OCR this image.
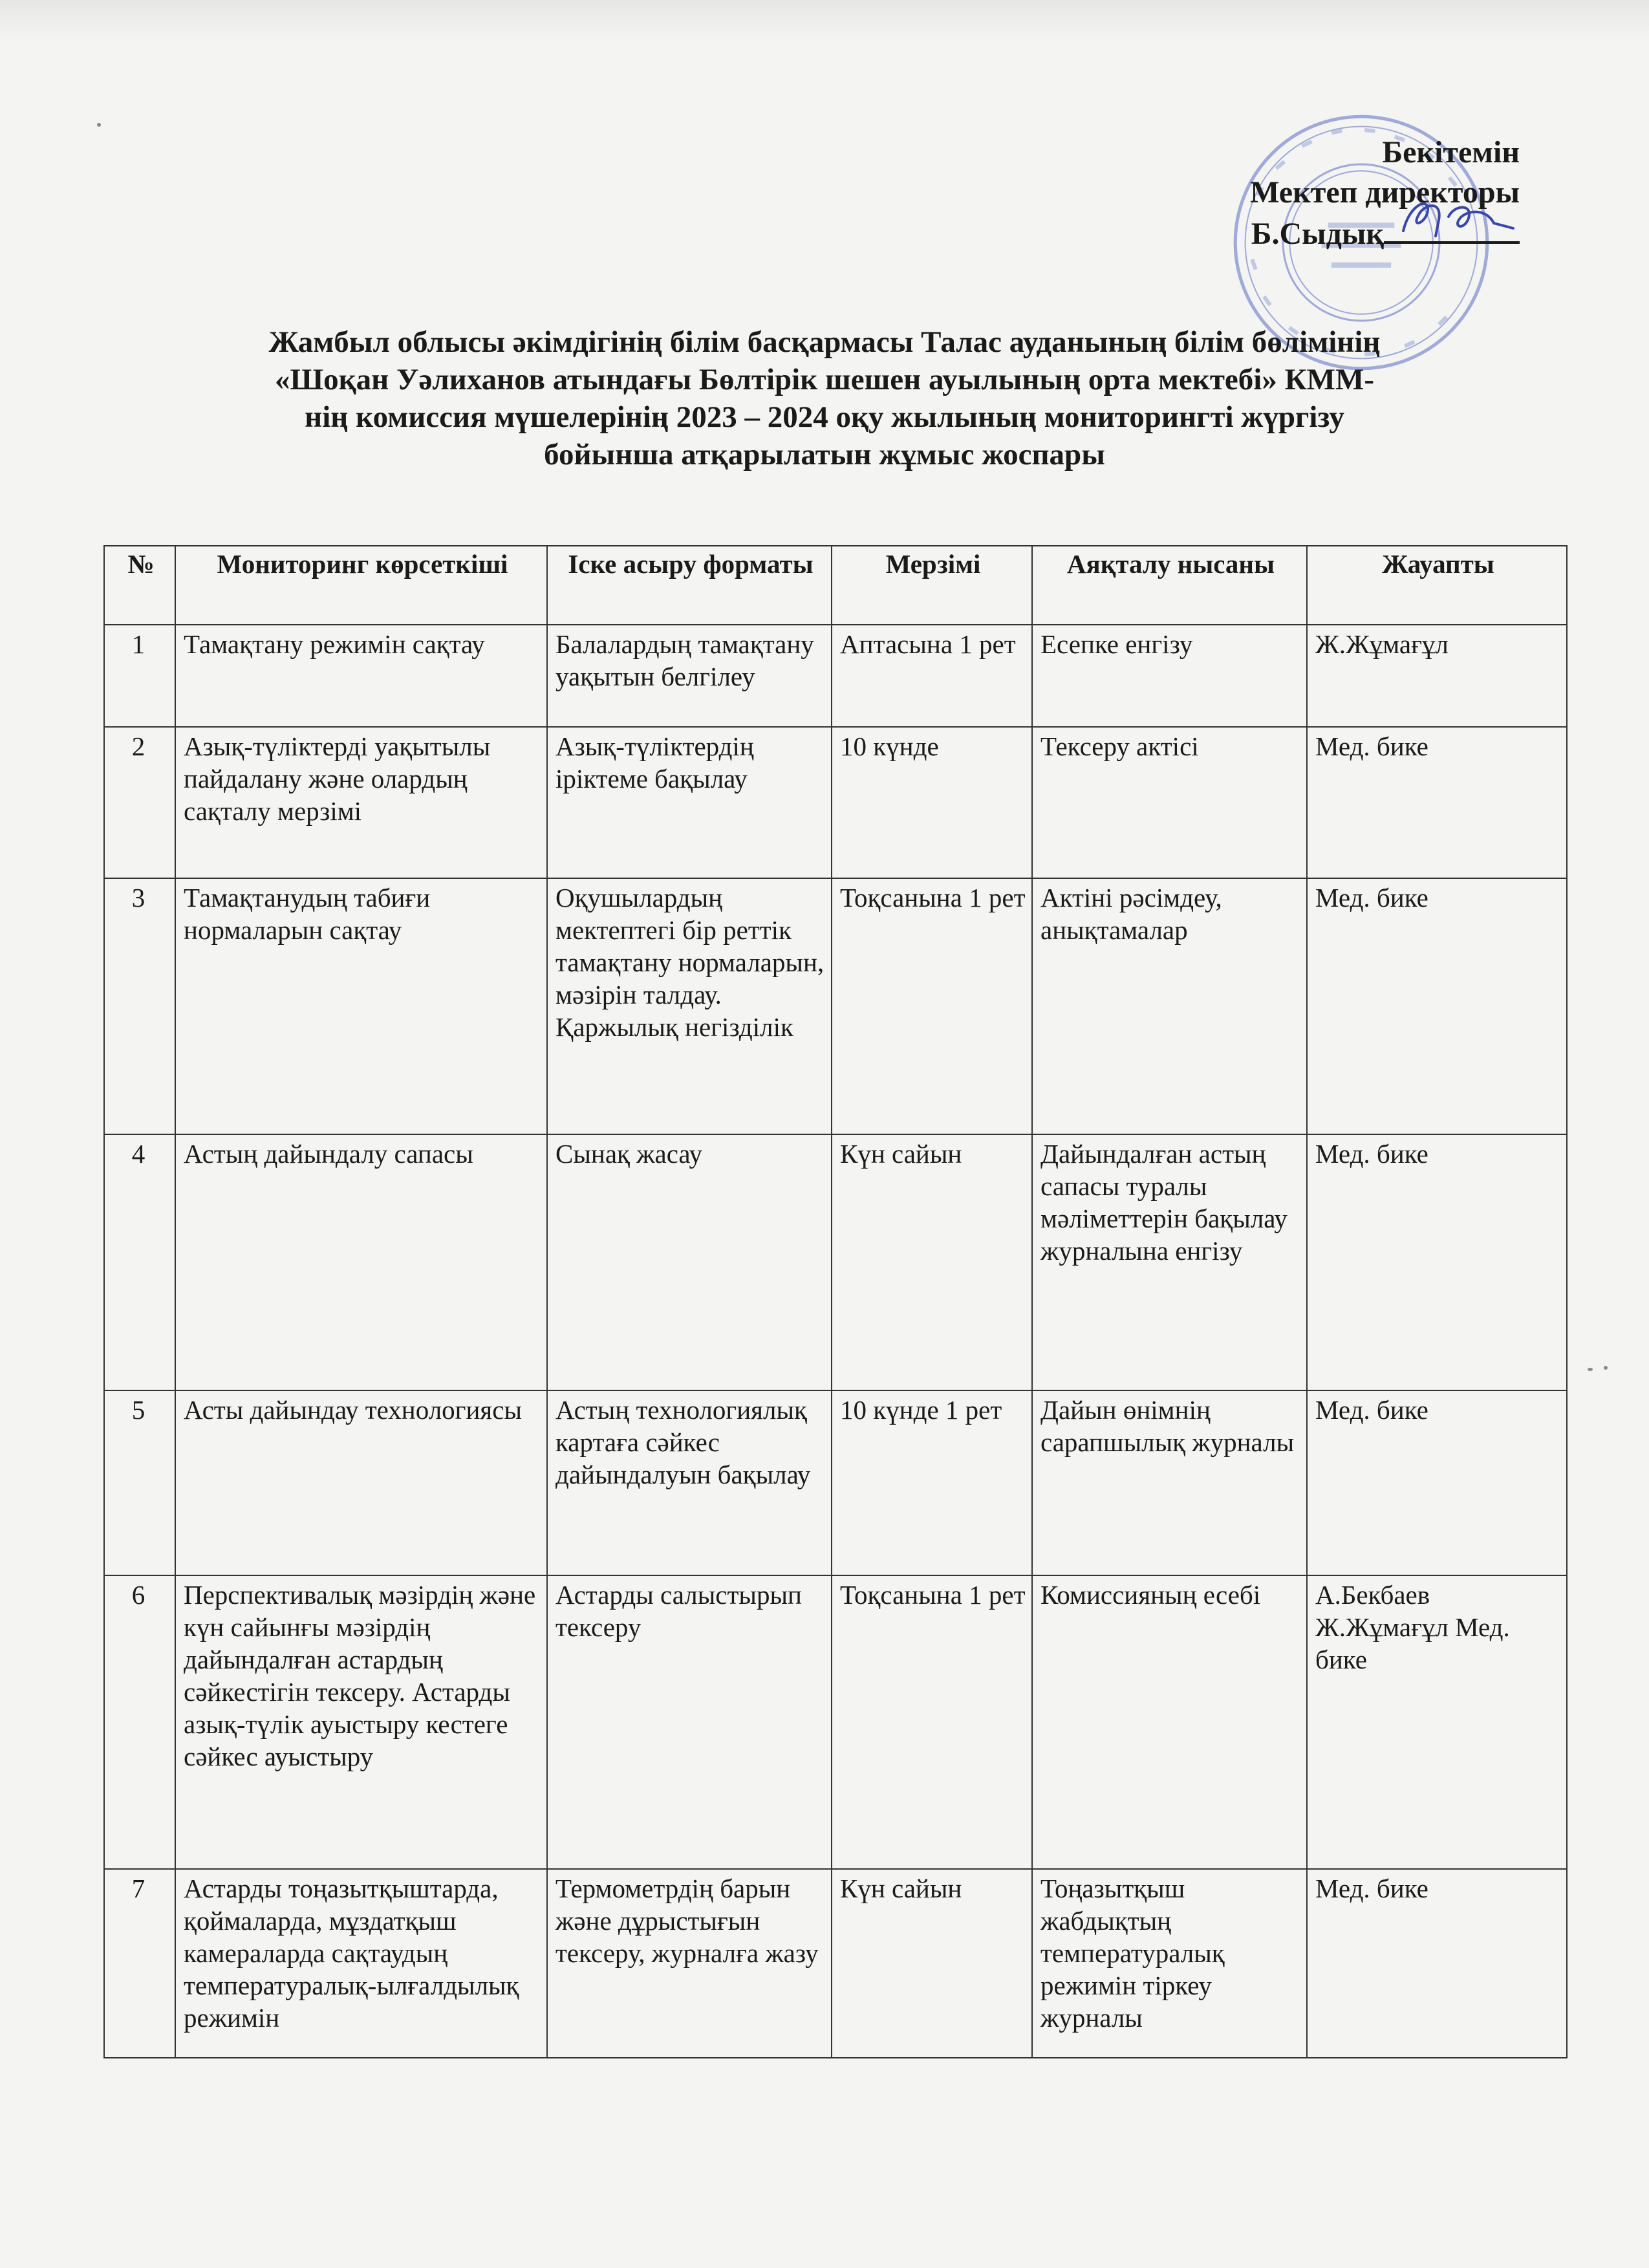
Бекітемін
Мектеп директоры
Б.Сыдық
Жамбыл облысы әкімдігінің білім басқармасы Талас ауданының білім бөлімінің
«Шоқан Уәлиханов атындағы Бөлтірік шешен ауылының орта мектебі» КММ-
нің комиссия мүшелерінің 2023 – 2024 оқу жылының мониторингті жүргізу
бойынша атқарылатын жұмыс жоспары
№	Мониторинг көрсеткіші	Іске асыру форматы	Мерзімі	Аяқталу нысаны	Жауапты
1	Тамақтану режимін сақтау	Балалардың тамақтану уақытын белгілеу	Аптасына 1 рет	Есепке енгізу	Ж.Жұмағұл
2	Азық-түліктерді уақытылы пайдалану және олардың сақталу мерзімі	Азық-түліктердің іріктеме бақылау	10 күнде	Тексеру актісі	Мед. бике
3	Тамақтанудың табиғи нормаларын сақтау	Оқушылардың мектептегі бір реттік тамақтану нормаларын, мәзірін талдау. Қаржылық негізділік	Тоқсанына 1 рет	Актіні рәсімдеу, анықтамалар	Мед. бике
4	Астың дайындалу сапасы	Сынақ жасау	Күн сайын	Дайындалған астың сапасы туралы мәліметтерін бақылау журналына енгізу	Мед. бике
5	Асты дайындау технологиясы	Астың технологиялық картаға сәйкес дайындалуын бақылау	10 күнде 1 рет	Дайын өнімнің сарапшылық журналы	Мед. бике
6	Перспективалық мәзірдің және күн сайынғы мәзірдің дайындалған астардың сәйкестігін тексеру. Астарды азық-түлік ауыстыру кестеге сәйкес ауыстыру	Астарды салыстырып тексеру	Тоқсанына 1 рет	Комиссияның есебі	А.Бекбаев Ж.Жұмағұл Мед. бике
7	Астарды тоңазытқыштарда, қоймаларда, мұздатқыш камераларда сақтаудың температуралық-ылғалдылық режимін	Термометрдің барын және дұрыстығын тексеру, журналға жазу	Күн сайын	Тоңазытқыш жабдықтың температуралық режимін тіркеу журналы	Мед. бике
